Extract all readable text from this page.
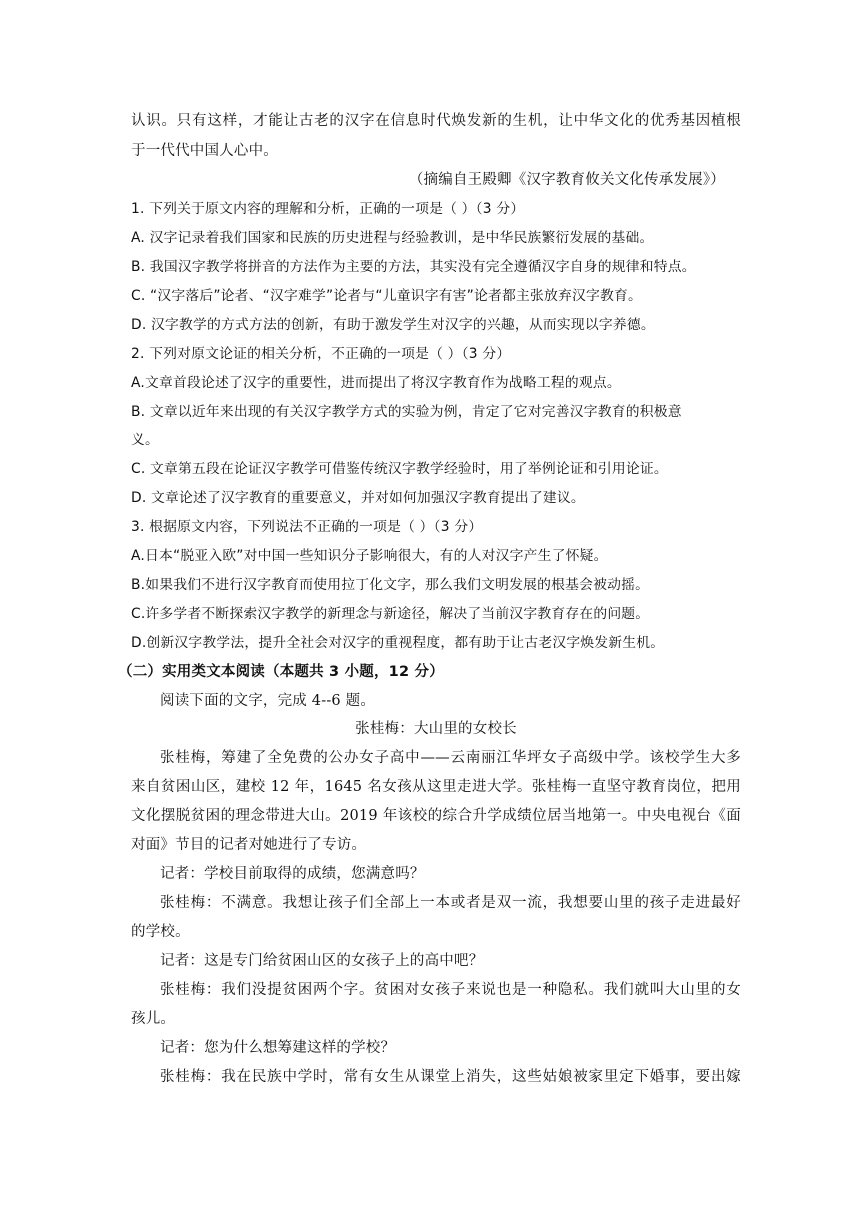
认识。只有这样，才能让古老的汉字在信息时代焕发新的生机，让中华文化的优秀基因植根
于一代代中国人心中。
（摘编自王殿卿《汉字教育攸关文化传承发展》）
1. 下列关于原文内容的理解和分析，正确的一项是（ ）（3 分）
A. 汉字记录着我们国家和民族的历史进程与经验教训，是中华民族繁衍发展的基础。
B. 我国汉字教学将拼音的方法作为主要的方法，其实没有完全遵循汉字自身的规律和特点。
C. “汉字落后”论者、“汉字难学”论者与“儿童识字有害”论者都主张放弃汉字教育。
D. 汉字教学的方式方法的创新，有助于激发学生对汉字的兴趣，从而实现以字养德。
2. 下列对原文论证的相关分析，不正确的一项是（ ）（3 分）
A.文章首段论述了汉字的重要性，进而提出了将汉字教育作为战略工程的观点。
B. 文章以近年来出现的有关汉字教学方式的实验为例，肯定了它对完善汉字教育的积极意
义。
C. 文章第五段在论证汉字教学可借鉴传统汉字教学经验时，用了举例论证和引用论证。
D. 文章论述了汉字教育的重要意义，并对如何加强汉字教育提出了建议。
3. 根据原文内容，下列说法不正确的一项是（ ）（3 分）
A.日本“脱亚入欧”对中国一些知识分子影响很大，有的人对汉字产生了怀疑。
B.如果我们不进行汉字教育而使用拉丁化文字，那么我们文明发展的根基会被动摇。
C.许多学者不断探索汉字教学的新理念与新途径，解决了当前汉字教育存在的问题。
D.创新汉字教学法，提升全社会对汉字的重视程度，都有助于让古老汉字焕发新生机。
（二）实用类文本阅读（本题共 3 小题，12 分）
阅读下面的文字，完成 4--6 题。
张桂梅：大山里的女校长
张桂梅，筹建了全免费的公办女子高中——云南丽江华坪女子高级中学。该校学生大多
来自贫困山区，建校 12 年，1645 名女孩从这里走进大学。张桂梅一直坚守教育岗位，把用
文化摆脱贫困的理念带进大山。2019 年该校的综合升学成绩位居当地第一。中央电视台《面
对面》节目的记者对她进行了专访。
记者：学校目前取得的成绩，您满意吗？
张桂梅：不满意。我想让孩子们全部上一本或者是双一流，我想要山里的孩子走进最好
的学校。
记者：这是专门给贫困山区的女孩子上的高中吧？
张桂梅：我们没提贫困两个字。贫困对女孩子来说也是一种隐私。我们就叫大山里的女
孩儿。
记者：您为什么想筹建这样的学校？
张桂梅：我在民族中学时，常有女生从课堂上消失，这些姑娘被家里定下婚事，要出嫁
